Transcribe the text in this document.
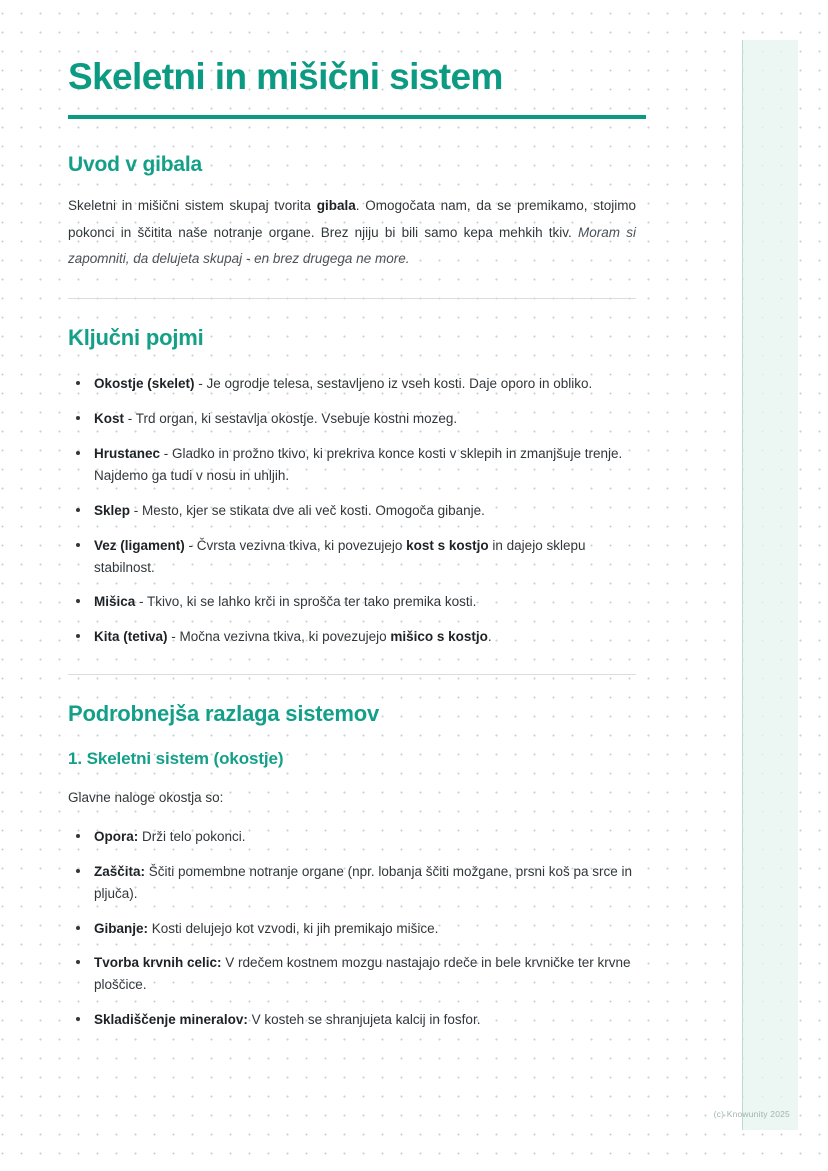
Skeletni in mišični sistem
Uvod v gibala

Skeletni in mišični sistem skupaj tvorita gibala. Omogočata nam, da se premikamo, stojimo pokonci in ščitita naše notranje organe. Brez njiju bi bili samo kepa mehkih tkiv. Moram si zapomniti, da delujeta skupaj - en brez drugega ne more.

Ključni pojmi
Okostje (skelet) - Je ogrodje telesa, sestavljeno iz vseh kosti. Daje oporo in obliko.
Kost - Trd organ, ki sestavlja okostje. Vsebuje kostni mozeg.
Hrustanec - Gladko in prožno tkivo, ki prekriva konce kosti v sklepih in zmanjšuje trenje. Najdemo ga tudi v nosu in uhljih.
Sklep - Mesto, kjer se stikata dve ali več kosti. Omogoča gibanje.
Vez (ligament) - Čvrsta vezivna tkiva, ki povezujejo kost s kostjo in dajejo sklepu stabilnost.
Mišica - Tkivo, ki se lahko krči in sprošča ter tako premika kosti.
Kita (tetiva) - Močna vezivna tkiva, ki povezujejo mišico s kostjo.
Podrobnejša razlaga sistemov
1. Skeletni sistem (okostje)

Glavne naloge okostja so:

Opora: Drži telo pokonci.
Zaščita: Ščiti pomembne notranje organe (npr. lobanja ščiti možgane, prsni koš pa srce in pljuča).
Gibanje: Kosti delujejo kot vzvodi, ki jih premikajo mišice.
Tvorba krvnih celic: V rdečem kostnem mozgu nastajajo rdeče in bele krvničke ter krvne ploščice.
Skladiščenje mineralov: V kosteh se shranjujeta kalcij in fosfor.
(c) Knowunity 2025
